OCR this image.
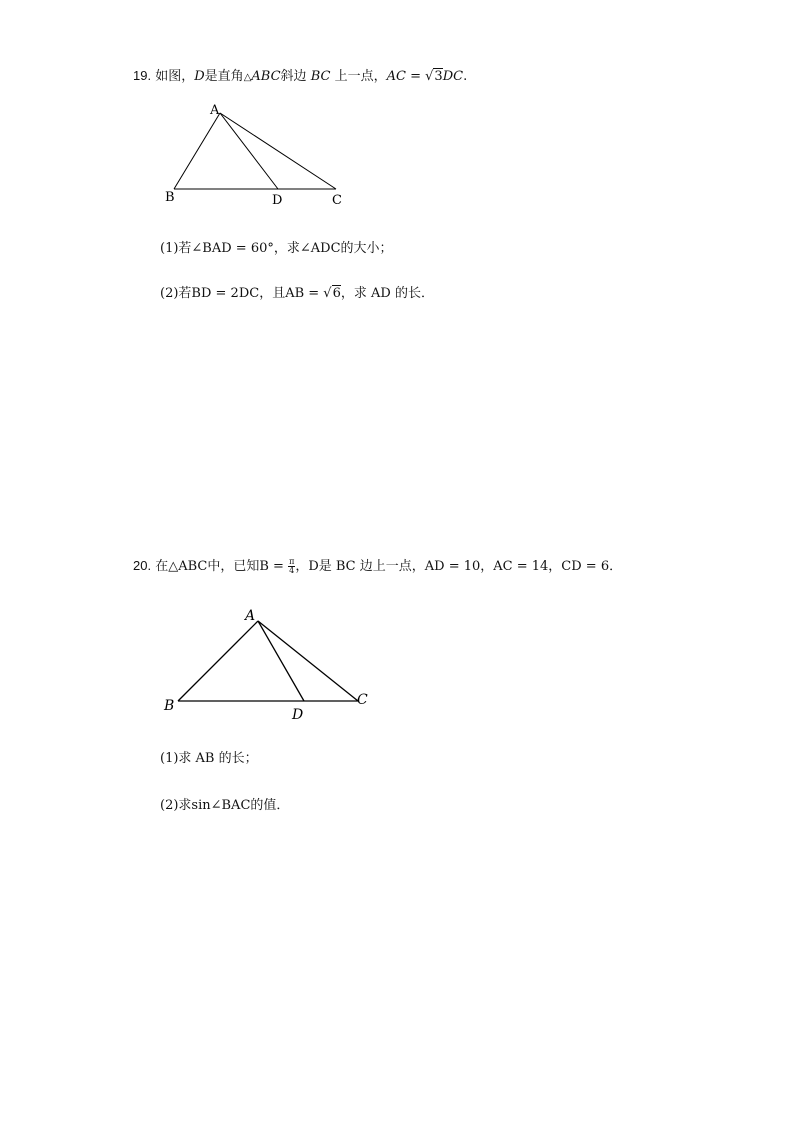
19. 如图，D是直角△ABC斜边 BC 上一点，AC = √3DC.
A
B	D	C
(1)若∠BAD = 60°，求∠ADC的大小；
(2)若BD = 2DC，且AB = √6，求 AD 的长．
20. 在△ABC中，已知$B = \frac{\pi}{4}$ ，D是 BC 边上一点，AD = 10，AC = 14，CD = 6．
A
B
D
C
(1)求 AB 的长；
(2)求sin∠BAC的值．
